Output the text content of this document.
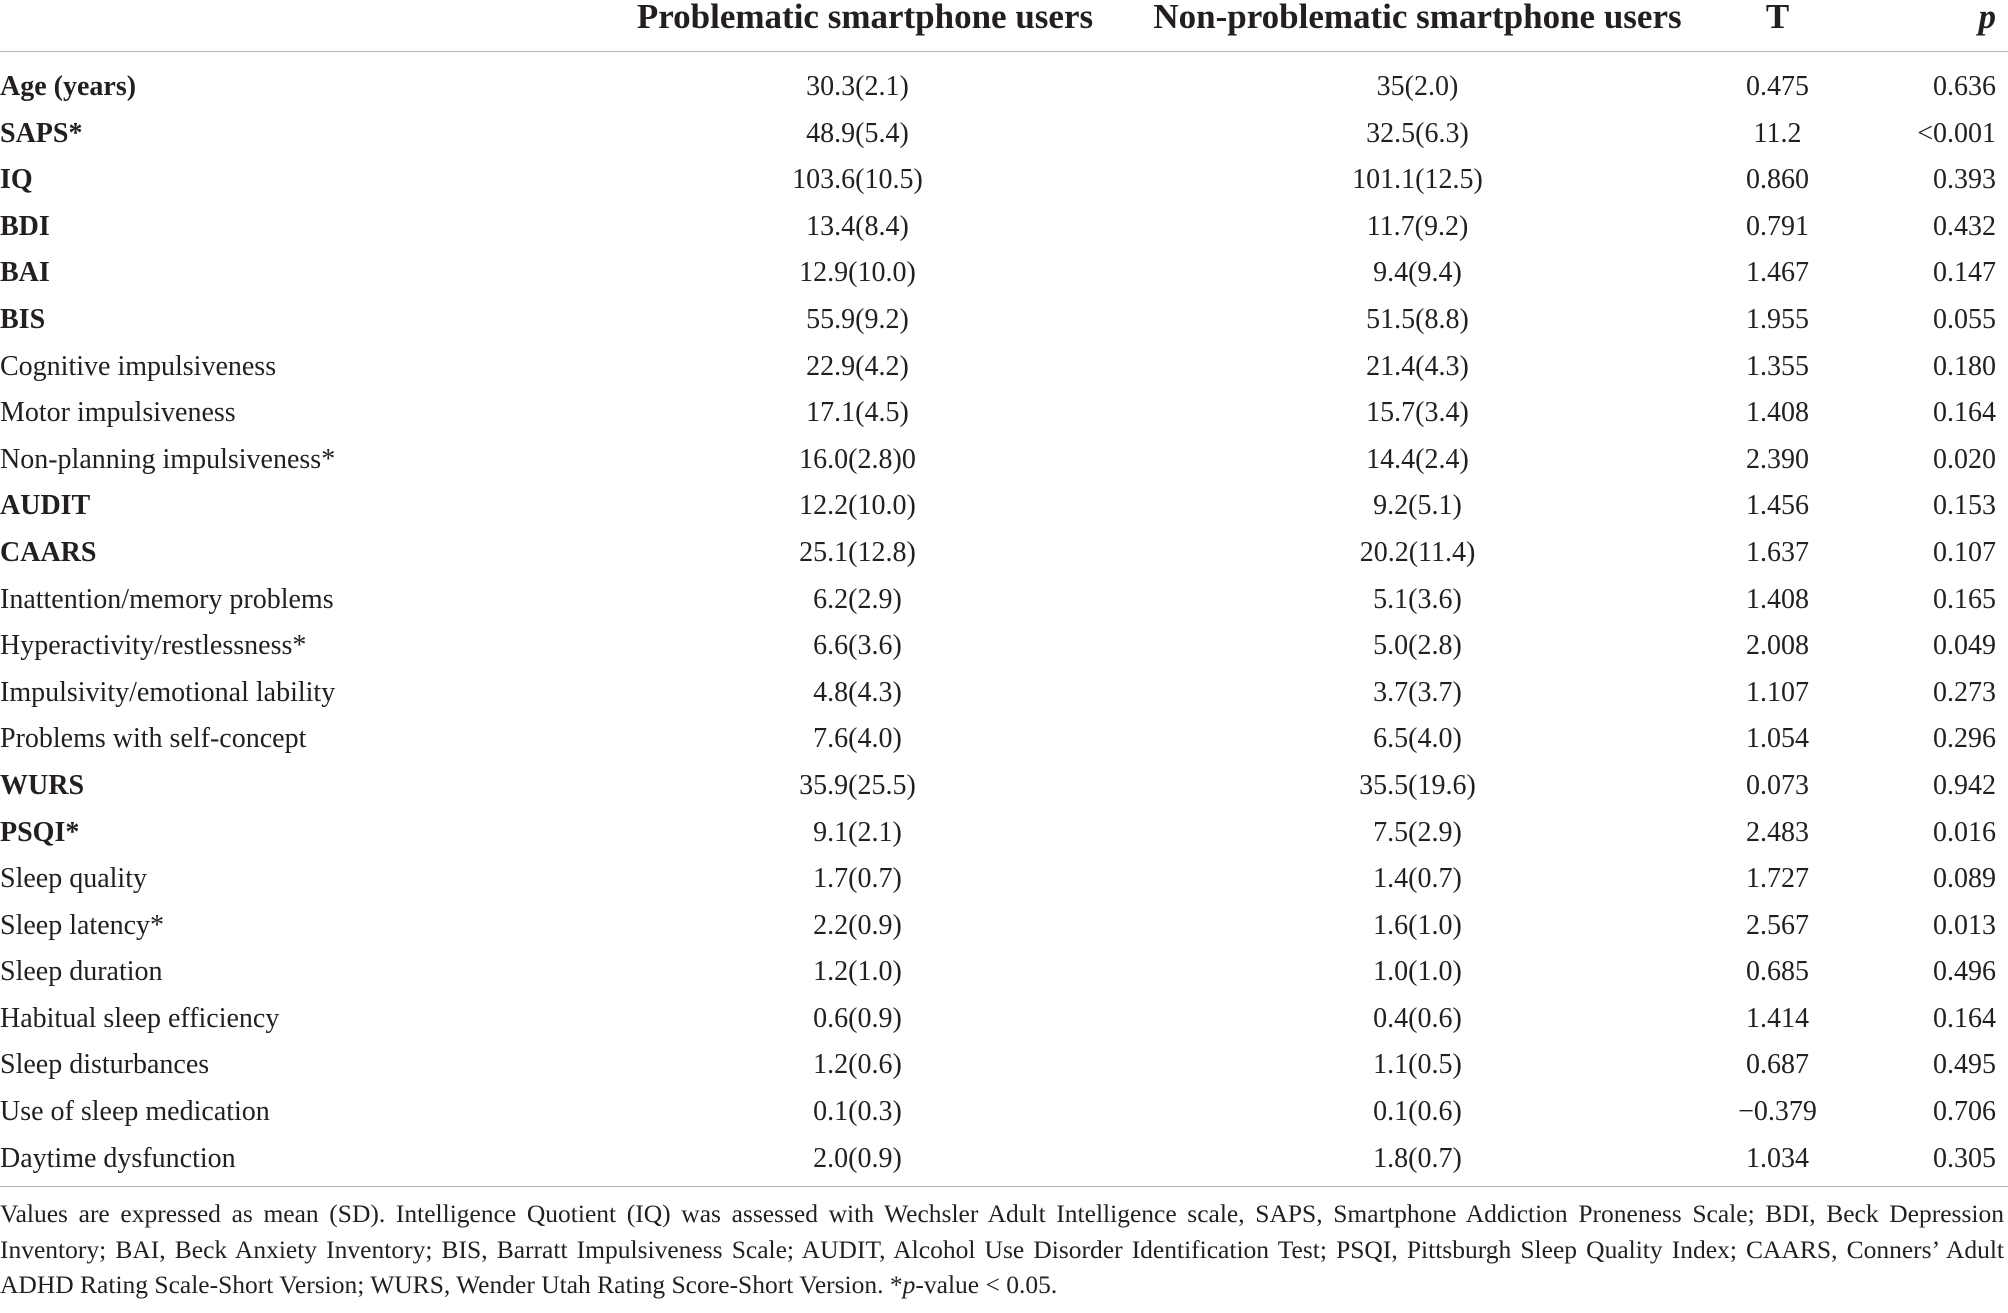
	Problematic smartphone users	Non-problematic smartphone users	T	p
Age (years)	30.3(2.1)	35(2.0)	0.475	0.636
SAPS*	48.9(5.4)	32.5(6.3)	11.2	<0.001
IQ	103.6(10.5)	101.1(12.5)	0.860	0.393
BDI	13.4(8.4)	11.7(9.2)	0.791	0.432
BAI	12.9(10.0)	9.4(9.4)	1.467	0.147
BIS	55.9(9.2)	51.5(8.8)	1.955	0.055
Cognitive impulsiveness	22.9(4.2)	21.4(4.3)	1.355	0.180
Motor impulsiveness	17.1(4.5)	15.7(3.4)	1.408	0.164
Non-planning impulsiveness*	16.0(2.8)0	14.4(2.4)	2.390	0.020
AUDIT	12.2(10.0)	9.2(5.1)	1.456	0.153
CAARS	25.1(12.8)	20.2(11.4)	1.637	0.107
Inattention/memory problems	6.2(2.9)	5.1(3.6)	1.408	0.165
Hyperactivity/restlessness*	6.6(3.6)	5.0(2.8)	2.008	0.049
Impulsivity/emotional lability	4.8(4.3)	3.7(3.7)	1.107	0.273
Problems with self-concept	7.6(4.0)	6.5(4.0)	1.054	0.296
WURS	35.9(25.5)	35.5(19.6)	0.073	0.942
PSQI*	9.1(2.1)	7.5(2.9)	2.483	0.016
Sleep quality	1.7(0.7)	1.4(0.7)	1.727	0.089
Sleep latency*	2.2(0.9)	1.6(1.0)	2.567	0.013
Sleep duration	1.2(1.0)	1.0(1.0)	0.685	0.496
Habitual sleep efficiency	0.6(0.9)	0.4(0.6)	1.414	0.164
Sleep disturbances	1.2(0.6)	1.1(0.5)	0.687	0.495
Use of sleep medication	0.1(0.3)	0.1(0.6)	−0.379	0.706
Daytime dysfunction	2.0(0.9)	1.8(0.7)	1.034	0.305
Values are expressed as mean (SD). Intelligence Quotient (IQ) was assessed with Wechsler Adult Intelligence scale, SAPS, Smartphone Addiction Proneness Scale; BDI, Beck Depression Inventory; BAI, Beck Anxiety Inventory; BIS, Barratt Impulsiveness Scale; AUDIT, Alcohol Use Disorder Identification Test; PSQI, Pittsburgh Sleep Quality Index; CAARS, Conners’ Adult ADHD Rating Scale-Short Version; WURS, Wender Utah Rating Score-Short Version. *p-value < 0.05.
